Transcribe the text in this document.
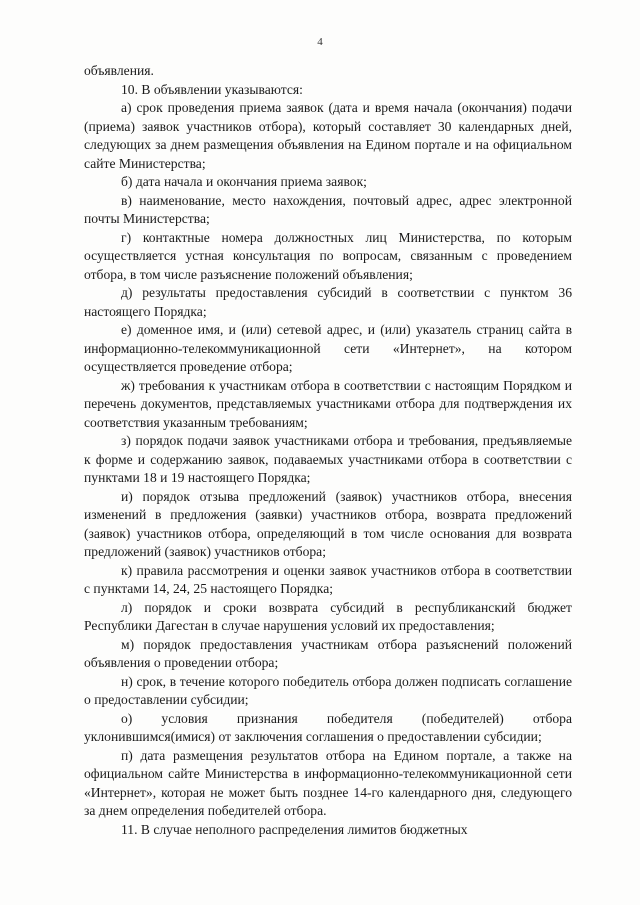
4

объявления.

10. В объявлении указываются:

а) срок проведения приема заявок (дата и время начала (окончания) подачи (приема) заявок участников отбора), который составляет 30 календарных дней, следующих за днем размещения объявления на Едином портале и на официальном сайте Министерства;

б) дата начала и окончания приема заявок;

в) наименование, место нахождения, почтовый адрес, адрес электронной почты Министерства;

г) контактные номера должностных лиц Министерства, по которым осуществляется устная консультация по вопросам, связанным с проведением отбора, в том числе разъяснение положений объявления;

д) результаты предоставления субсидий в соответствии с пунктом 36 настоящего Порядка;

е) доменное имя, и (или) сетевой адрес, и (или) указатель страниц сайта в информационно-телекоммуникационной сети «Интернет», на котором осуществляется проведение отбора;

ж) требования к участникам отбора в соответствии с настоящим Порядком и перечень документов, представляемых участниками отбора для подтверждения их соответствия указанным требованиям;

з) порядок подачи заявок участниками отбора и требования, предъявляемые к форме и содержанию заявок, подаваемых участниками отбора в соответствии с пунктами 18 и 19 настоящего Порядка;

и) порядок отзыва предложений (заявок) участников отбора, внесения изменений в предложения (заявки) участников отбора, возврата предложений (заявок) участников отбора, определяющий в том числе основания для возврата предложений (заявок) участников отбора;

к) правила рассмотрения и оценки заявок участников отбора в соответствии с пунктами 14, 24, 25 настоящего Порядка;

л) порядок и сроки возврата субсидий в республиканский бюджет Республики Дагестан в случае нарушения условий их предоставления;

м) порядок предоставления участникам отбора разъяснений положений объявления о проведении отбора;

н) срок, в течение которого победитель отбора должен подписать соглашение о предоставлении субсидии;

о) условия признания победителя (победителей) отбора уклонившимся(имися) от заключения соглашения о предоставлении субсидии;

п) дата размещения результатов отбора на Едином портале, а также на официальном сайте Министерства в информационно-телекоммуникационной сети «Интернет», которая не может быть позднее 14-го календарного дня, следующего за днем определения победителей отбора.

11. В случае неполного распределения лимитов бюджетных
